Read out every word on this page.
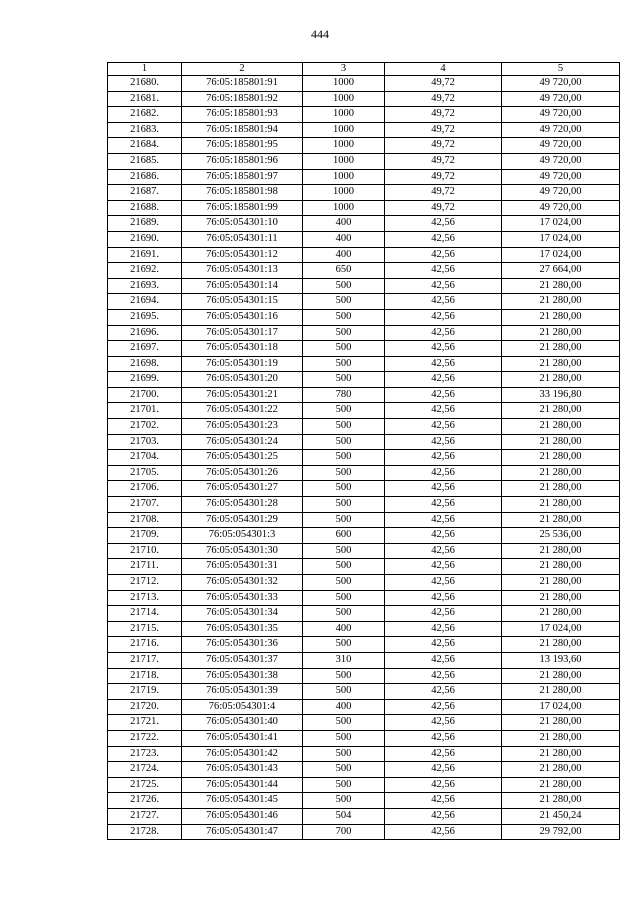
444
1	2	3	4	5
21680.	76:05:185801:91	1000	49,72	49 720,00
21681.	76:05:185801:92	1000	49,72	49 720,00
21682.	76:05:185801:93	1000	49,72	49 720,00
21683.	76:05:185801:94	1000	49,72	49 720,00
21684.	76:05:185801:95	1000	49,72	49 720,00
21685.	76:05:185801:96	1000	49,72	49 720,00
21686.	76:05:185801:97	1000	49,72	49 720,00
21687.	76:05:185801:98	1000	49,72	49 720,00
21688.	76:05:185801:99	1000	49,72	49 720,00
21689.	76:05:054301:10	400	42,56	17 024,00
21690.	76:05:054301:11	400	42,56	17 024,00
21691.	76:05:054301:12	400	42,56	17 024,00
21692.	76:05:054301:13	650	42,56	27 664,00
21693.	76:05:054301:14	500	42,56	21 280,00
21694.	76:05:054301:15	500	42,56	21 280,00
21695.	76:05:054301:16	500	42,56	21 280,00
21696.	76:05:054301:17	500	42,56	21 280,00
21697.	76:05:054301:18	500	42,56	21 280,00
21698.	76:05:054301:19	500	42,56	21 280,00
21699.	76:05:054301:20	500	42,56	21 280,00
21700.	76:05:054301:21	780	42,56	33 196,80
21701.	76:05:054301:22	500	42,56	21 280,00
21702.	76:05:054301:23	500	42,56	21 280,00
21703.	76:05:054301:24	500	42,56	21 280,00
21704.	76:05:054301:25	500	42,56	21 280,00
21705.	76:05:054301:26	500	42,56	21 280,00
21706.	76:05:054301:27	500	42,56	21 280,00
21707.	76:05:054301:28	500	42,56	21 280,00
21708.	76:05:054301:29	500	42,56	21 280,00
21709.	76:05:054301:3	600	42,56	25 536,00
21710.	76:05:054301:30	500	42,56	21 280,00
21711.	76:05:054301:31	500	42,56	21 280,00
21712.	76:05:054301:32	500	42,56	21 280,00
21713.	76:05:054301:33	500	42,56	21 280,00
21714.	76:05:054301:34	500	42,56	21 280,00
21715.	76:05:054301:35	400	42,56	17 024,00
21716.	76:05:054301:36	500	42,56	21 280,00
21717.	76:05:054301:37	310	42,56	13 193,60
21718.	76:05:054301:38	500	42,56	21 280,00
21719.	76:05:054301:39	500	42,56	21 280,00
21720.	76:05:054301:4	400	42,56	17 024,00
21721.	76:05:054301:40	500	42,56	21 280,00
21722.	76:05:054301:41	500	42,56	21 280,00
21723.	76:05:054301:42	500	42,56	21 280,00
21724.	76:05:054301:43	500	42,56	21 280,00
21725.	76:05:054301:44	500	42,56	21 280,00
21726.	76:05:054301:45	500	42,56	21 280,00
21727.	76:05:054301:46	504	42,56	21 450,24
21728.	76:05:054301:47	700	42,56	29 792,00
